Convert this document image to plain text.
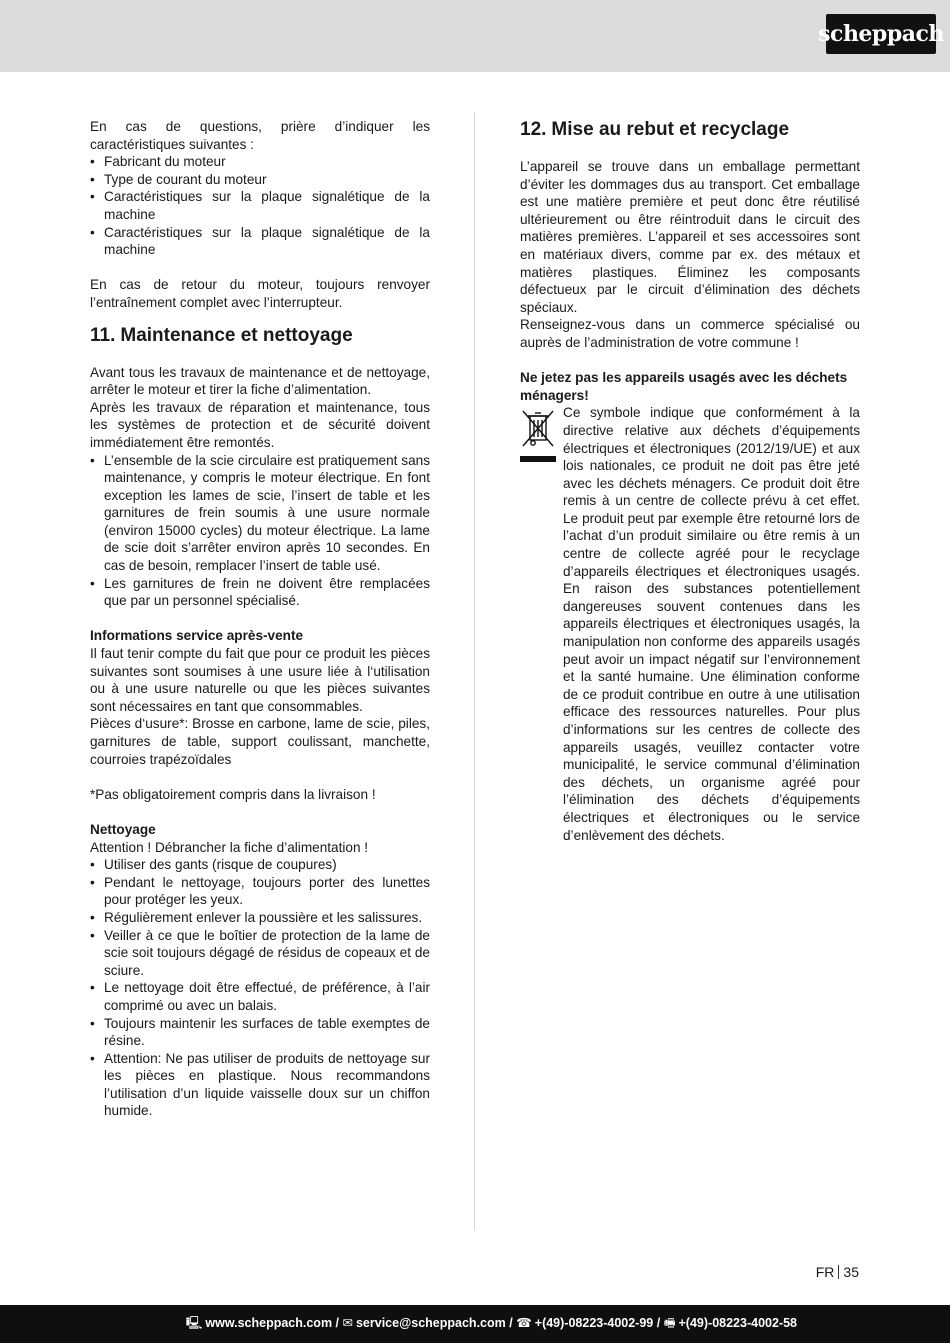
scheppach

En cas de questions, prière d’indiquer les caractéristiques suivantes :

• Fabricant du moteur
• Type de courant du moteur
• Caractéristiques sur la plaque signalétique de la machine
• Caractéristiques sur la plaque signalétique de la machine

En cas de retour du moteur, toujours renvoyer l’entraînement complet avec l’interrupteur.

11. Maintenance et nettoyage

Avant tous les travaux de maintenance et de nettoyage, arrêter le moteur et tirer la fiche d’alimentation.

Après les travaux de réparation et maintenance, tous les systèmes de protection et de sécurité doivent immédiatement être remontés.

• L’ensemble de la scie circulaire est pratiquement sans maintenance, y compris le moteur électrique. En font exception les lames de scie, l’insert de table et les garnitures de frein soumis à une usure normale (environ 15000 cycles) du moteur électrique. La lame de scie doit s’arrêter environ après 10 secondes. En cas de besoin, remplacer l’insert de table usé.
• Les garnitures de frein ne doivent être remplacées que par un personnel spécialisé.
Informations service après-vente

Il faut tenir compte du fait que pour ce produit les pièces suivantes sont soumises à une usure liée à l‘utilisation ou à une usure naturelle ou que les pièces suivantes sont nécessaires en tant que consommables.

Pièces d‘usure*: Brosse en carbone, lame de scie, piles, garnitures de table, support coulissant, manchette, courroies trapézoïdales

*Pas obligatoirement compris dans la livraison !

Nettoyage

Attention ! Débrancher la fiche d’alimentation !

• Utiliser des gants (risque de coupures)
• Pendant le nettoyage, toujours porter des lunettes pour protéger les yeux.
• Régulièrement enlever la poussière et les salissures.
• Veiller à ce que le boîtier de protection de la lame de scie soit toujours dégagé de résidus de copeaux et de sciure.
• Le nettoyage doit être effectué, de préférence, à l’air comprimé ou avec un balais.
• Toujours maintenir les surfaces de table exemptes de résine.
• Attention: Ne pas utiliser de produits de nettoyage sur les pièces en plastique. Nous recommandons l’utilisation d’un liquide vaisselle doux sur un chiffon humide.
12. Mise au rebut et recyclage

L’appareil se trouve dans un emballage permettant d’éviter les dommages dus au transport. Cet emballage est une matière première et peut donc être réutilisé ultérieurement ou être réintroduit dans le circuit des matières premières. L’appareil et ses accessoires sont en matériaux divers, comme par ex. des métaux et matières plastiques. Éliminez les composants défectueux par le circuit d’élimination des déchets spéciaux.

Renseignez-vous dans un commerce spécialisé ou auprès de l’administration de votre commune !

Ne jetez pas les appareils usagés avec les déchets ménagers!

Ce symbole indique que conformément à la directive relative aux déchets d’équipements électriques et électroniques (2012/19/UE) et aux lois nationales, ce produit ne doit pas être jeté avec les déchets ménagers. Ce produit doit être remis à un centre de collecte prévu à cet effet. Le produit peut par exemple être retourné lors de l’achat d’un produit similaire ou être remis à un centre de collecte agréé pour le recyclage d’appareils électriques et électroniques usagés. En raison des substances potentiellement dangereuses souvent contenues dans les appareils électriques et électroniques usagés, la manipulation non conforme des appareils usagés peut avoir un impact négatif sur l’environnement et la santé humaine. Une élimination conforme de ce produit contribue en outre à une utilisation efficace des ressources naturelles. Pour plus d’informations sur les centres de collecte des appareils usagés, veuillez contacter votre municipalité, le service communal d’élimination des déchets, un organisme agréé pour l’élimination des déchets d’équipements électriques et électroniques ou le service d’enlèvement des déchets.

FR 35
🖳 www.scheppach.com / ✉ service@scheppach.com / ☎ +(49)-08223-4002-99 / 🖷 +(49)-08223-4002-58
